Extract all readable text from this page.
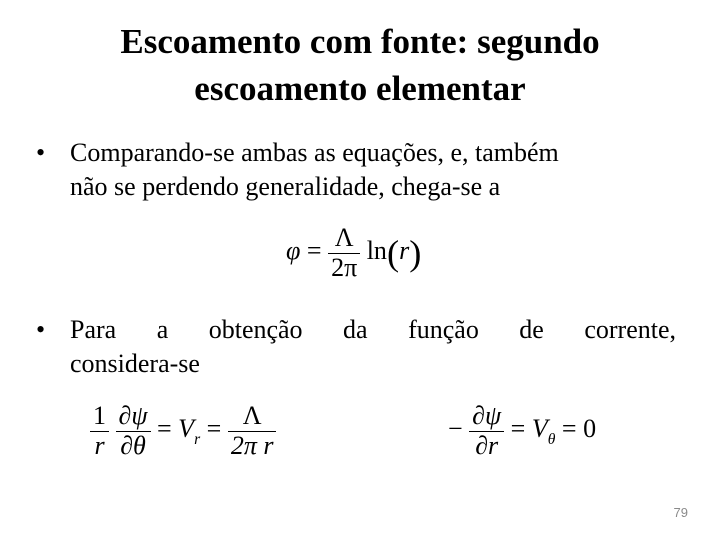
Escoamento com fonte: segundo
escoamento elementar
• Comparando-se ambas as equações, e, também
não se perdendo generalidade, chega-se a
$\varphi = \frac{\Lambda}{2\pi} \ln(r)$
• Para a obtenção da função de corrente,
considera-se
$\frac{1}{r}$
$\frac{\partial\psi}{\partial\theta} = V_r = \frac{\Lambda}{\text{2π r}}$	− $\frac{\partial\psi}{\partial r} = V_\theta = 0$
79
